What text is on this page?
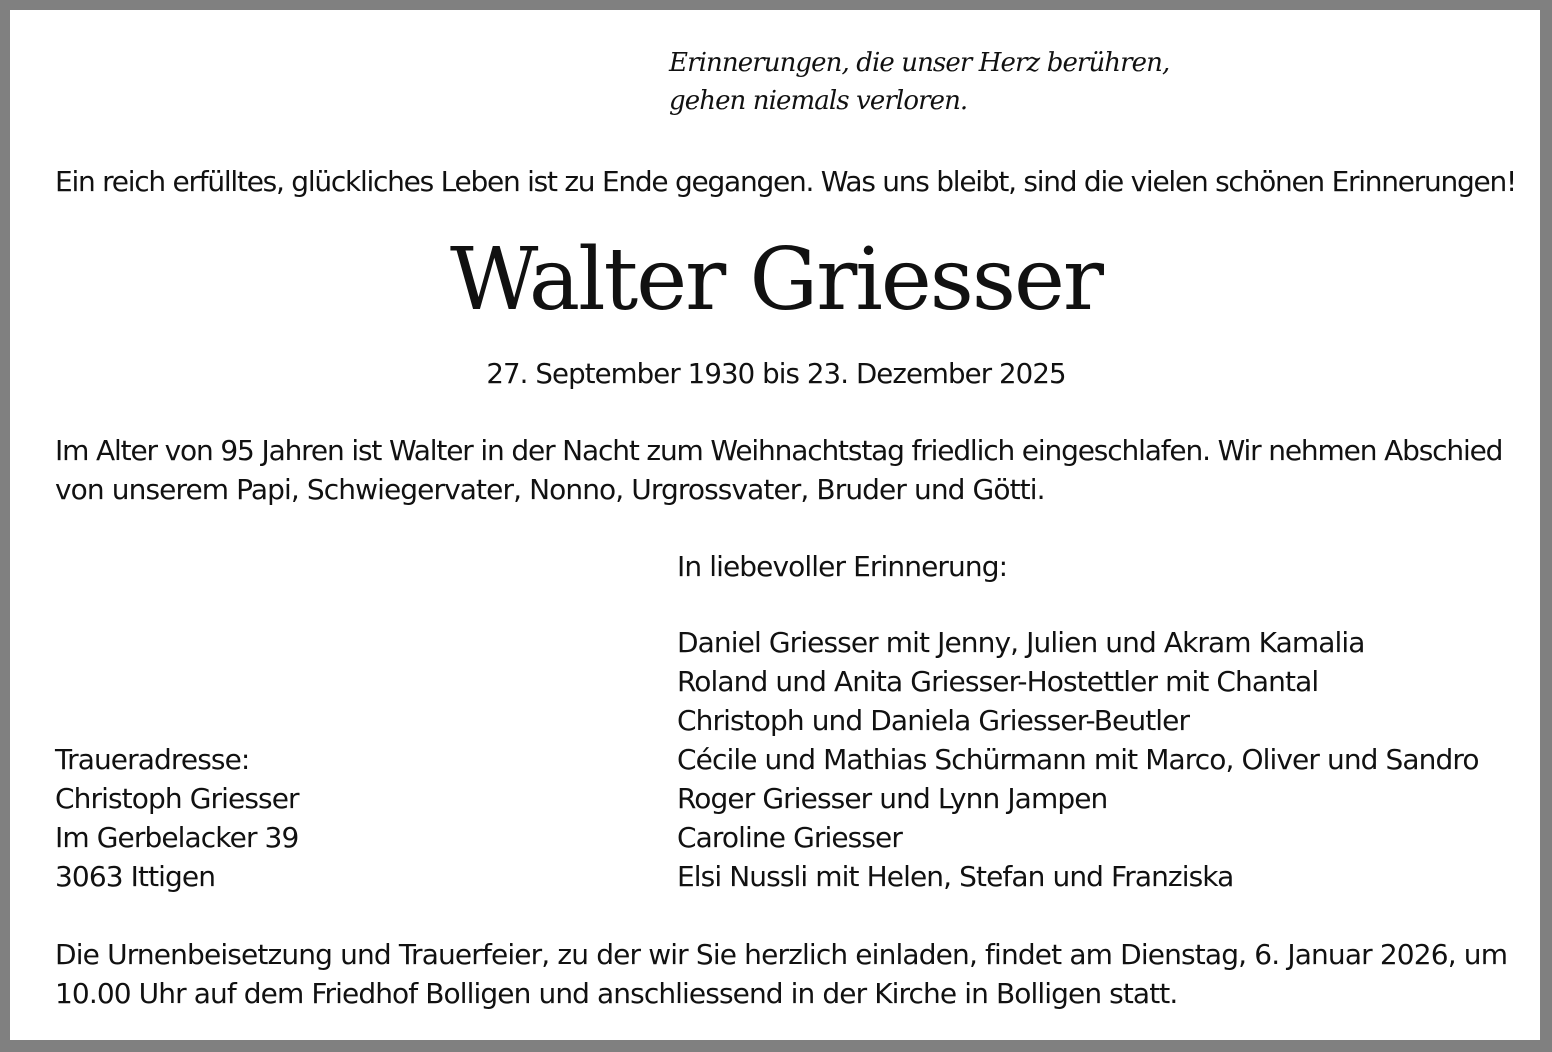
Erinnerungen, die unser Herz berühren,
gehen niemals verloren.
Ein reich erfülltes, glückliches Leben ist zu Ende gegangen. Was uns bleibt, sind die vielen schönen Erinnerungen!
Walter Griesser
27. September 1930 bis 23. Dezember 2025
Im Alter von 95 Jahren ist Walter in der Nacht zum Weihnachtstag friedlich eingeschlafen. Wir nehmen Abschied
von unserem Papi, Schwiegervater, Nonno, Urgrossvater, Bruder und Götti.
In liebevoller Erinnerung:
Daniel Griesser mit Jenny, Julien und Akram Kamalia
Roland und Anita Griesser-Hostettler mit Chantal
Christoph und Daniela Griesser-Beutler
Cécile und Mathias Schürmann mit Marco, Oliver und Sandro
Roger Griesser und Lynn Jampen
Caroline Griesser
Elsi Nussli mit Helen, Stefan und Franziska
Traueradresse:
Christoph Griesser
Im Gerbelacker 39
3063 Ittigen
Die Urnenbeisetzung und Trauerfeier, zu der wir Sie herzlich einladen, findet am Dienstag, 6. Januar 2026, um
10.00 Uhr auf dem Friedhof Bolligen und anschliessend in der Kirche in Bolligen statt.
